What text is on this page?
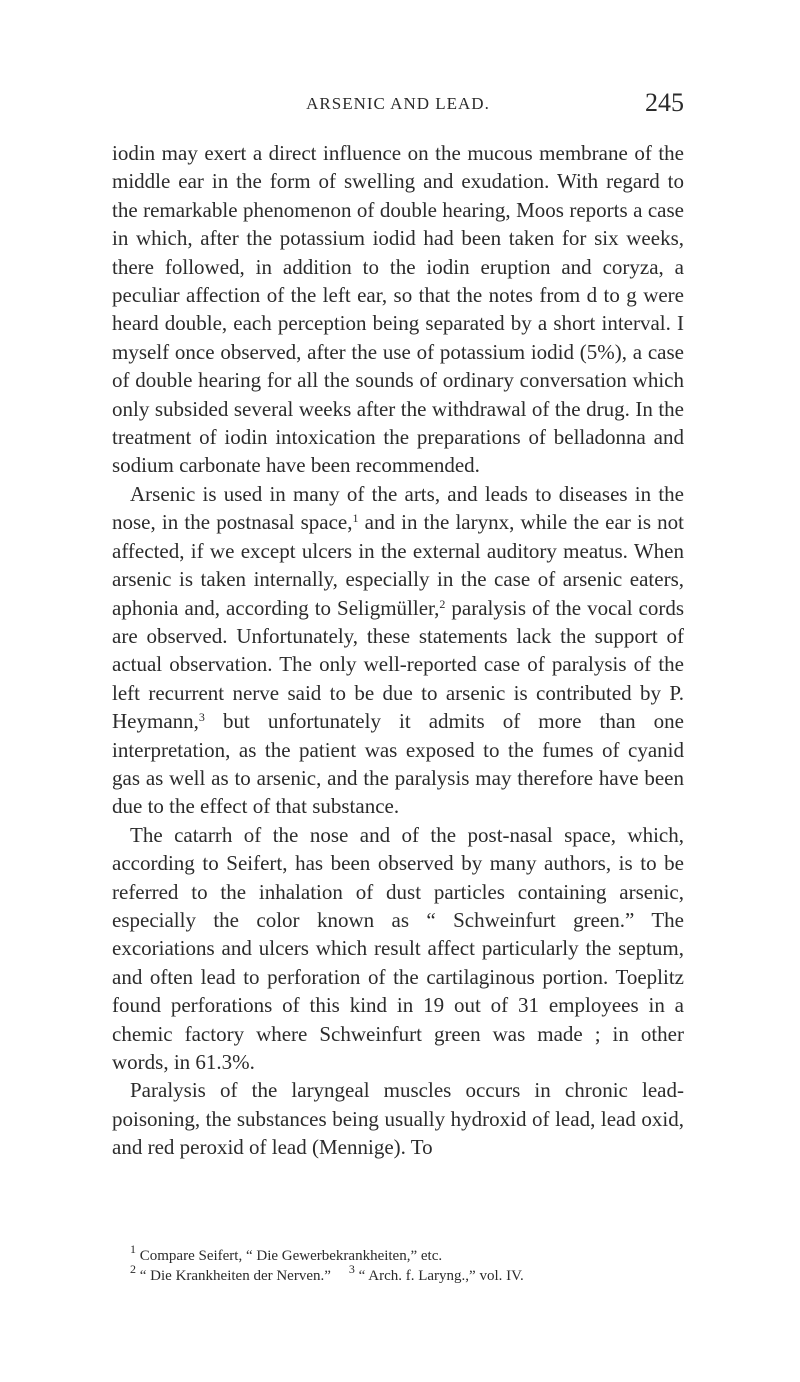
ARSENIC AND LEAD.	245

iodin may exert a direct influence on the mucous membrane of the middle ear in the form of swelling and exudation. With regard to the remarkable phenomenon of double hearing, Moos reports a case in which, after the potassium iodid had been taken for six weeks, there followed, in addition to the iodin eruption and coryza, a peculiar affection of the left ear, so that the notes from d to g were heard double, each perception being separated by a short interval. I myself once observed, after the use of potassium iodid (5%), a case of double hearing for all the sounds of ordinary conversation which only subsided several weeks after the withdrawal of the drug. In the treatment of iodin intoxication the preparations of belladonna and sodium carbonate have been recommended.

Arsenic is used in many of the arts, and leads to diseases in the nose, in the postnasal space,$^1$ and in the larynx, while the ear is not affected, if we except ulcers in the external auditory meatus. When arsenic is taken internally, especially in the case of arsenic eaters, aphonia and, according to Seligmüller,$^2$ paralysis of the vocal cords are observed. Unfortunately, these statements lack the support of actual observation. The only well-reported case of paralysis of the left recurrent nerve said to be due to arsenic is contributed by P. Heymann,$^3$ but unfortunately it admits of more than one interpretation, as the patient was exposed to the fumes of cyanid gas as well as to arsenic, and the paralysis may therefore have been due to the effect of that substance.

The catarrh of the nose and of the post-nasal space, which, according to Seifert, has been observed by many authors, is to be referred to the inhalation of dust particles containing arsenic, especially the color known as “ Schweinfurt green.” The excoriations and ulcers which result affect particularly the septum, and often lead to perforation of the cartilaginous portion. Toeplitz found perforations of this kind in 19 out of 31 employees in a chemic factory where Schweinfurt green was made ; in other words, in 61.3%.

Paralysis of the laryngeal muscles occurs in chronic lead-poisoning, the substances being usually hydroxid of lead, lead oxid, and red peroxid of lead (Mennige). To

$^1$ Compare Seifert, “ Die Gewerbekrankheiten,” etc.
$^2$ “ Die Krankheiten der Nerven.” $^3$ “ Arch. f. Laryng.,” vol. IV.
